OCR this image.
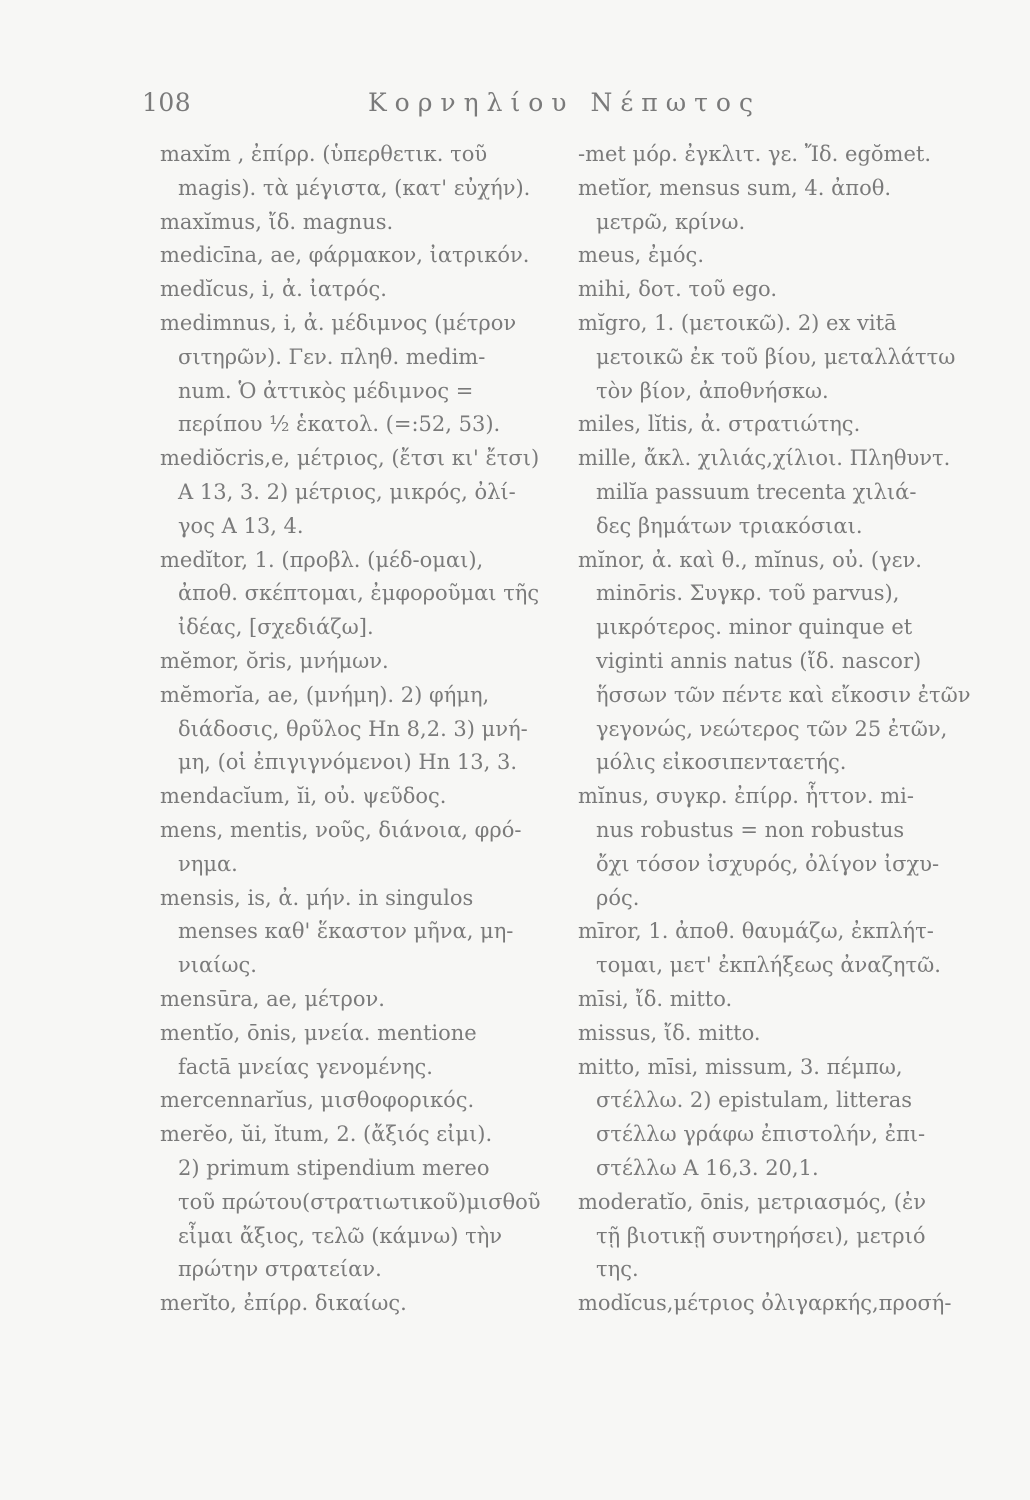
108	Κορνηλίου Νέπωτος
maxĭm , ἐπίρρ. (ὑπερθετικ. τοῦ
magis). τὰ μέγιστα, (κατ' εὐχήν).
maxĭmus, ἴδ. magnus.
medicīna, ae, φάρμακον, ἰατρικόν.
medĭcus, i, ἀ. ἰατρός.
medimnus, i, ἀ. μέδιμνος (μέτρον
σιτηρῶν). Γεν. πληθ. medim-
num. Ὁ ἀττικὸς μέδιμνος =
περίπου ½ ἑκατολ. (=:52, 53).
mediŏcris,e, μέτριος, (ἔτσι κι' ἔτσι)
A 13, 3. 2) μέτριος, μικρός, ὀλί-
γος A 13, 4.
medĭtor, 1. (προβλ. (μέδ-ομαι),
ἀποθ. σκέπτομαι, ἐμφοροῦμαι τῆς
ἰδέας, [σχεδιάζω].
mĕmor, ŏris, μνήμων.
mĕmorĭa, ae, (μνήμη). 2) φήμη,
διάδοσις, θρῦλος Hn 8,2. 3) μνή-
μη, (οἱ ἐπιγιγνόμενοι) Hn 13, 3.
mendacĭum, ĭi, οὐ. ψεῦδος.
mens, mentis, νοῦς, διάνοια, φρό-
νημα.
mensis, is, ἀ. μήν. in singulos
menses καθ' ἕκαστον μῆνα, μη-
νιαίως.
mensūra, ae, μέτρον.
mentĭo, ōnis, μνεία. mentione
factā μνείας γενομένης.
mercennarĭus, μισθοφορικός.
merĕo, ŭi, ĭtum, 2. (ἄξιός εἰμι).
2) primum stipendium mereo
τοῦ πρώτου(στρατιωτικοῦ)μισθοῦ
εἶμαι ἄξιος, τελῶ (κάμνω) τὴν
πρώτην στρατείαν.
merĭto, ἐπίρρ. δικαίως.
-met μόρ. ἐγκλιτ. γε. Ἴδ. egŏmet.
metĭor, mensus sum, 4. ἀποθ.
μετρῶ, κρίνω.
meus, ἐμός.
mihi, δοτ. τοῦ ego.
mĭgro, 1. (μετοικῶ). 2) ex vitā
μετοικῶ ἐκ τοῦ βίου, μεταλλάττω
τὸν βίον, ἀποθνήσκω.
miles, lĭtis, ἀ. στρατιώτης.
mille, ἄκλ. χιλιάς,χίλιοι. Πληθυντ.
milĭa passuum trecenta χιλιά-
δες βημάτων τριακόσιαι.
mĭnor, ἀ. καὶ θ., mĭnus, οὐ. (γεν.
minōris. Συγκρ. τοῦ parvus),
μικρότερος. minor quinque et
viginti annis natus (ἴδ. nascor)
ἥσσων τῶν πέντε καὶ εἴκοσιν ἐτῶν
γεγονώς, νεώτερος τῶν 25 ἐτῶν,
μόλις εἰκοσιπενταετής.
mĭnus, συγκρ. ἐπίρρ. ἧττον. mi-
nus robustus = non robustus
ὄχι τόσον ἰσχυρός, ὀλίγον ἰσχυ-
ρός.
mīror, 1. ἀποθ. θαυμάζω, ἐκπλήτ-
τομαι, μετ' ἐκπλήξεως ἀναζητῶ.
mīsi, ἴδ. mitto.
missus, ἴδ. mitto.
mitto, mīsi, missum, 3. πέμπω,
στέλλω. 2) epistulam, litteras
στέλλω γράφω ἐπιστολήν, ἐπι-
στέλλω A 16,3. 20,1.
moderatĭo, ōnis, μετριασμός, (ἐν
τῇ βιοτικῇ συντηρήσει), μετριό
της.
modĭcus,μέτριος ὀλιγαρκής,προσή-
